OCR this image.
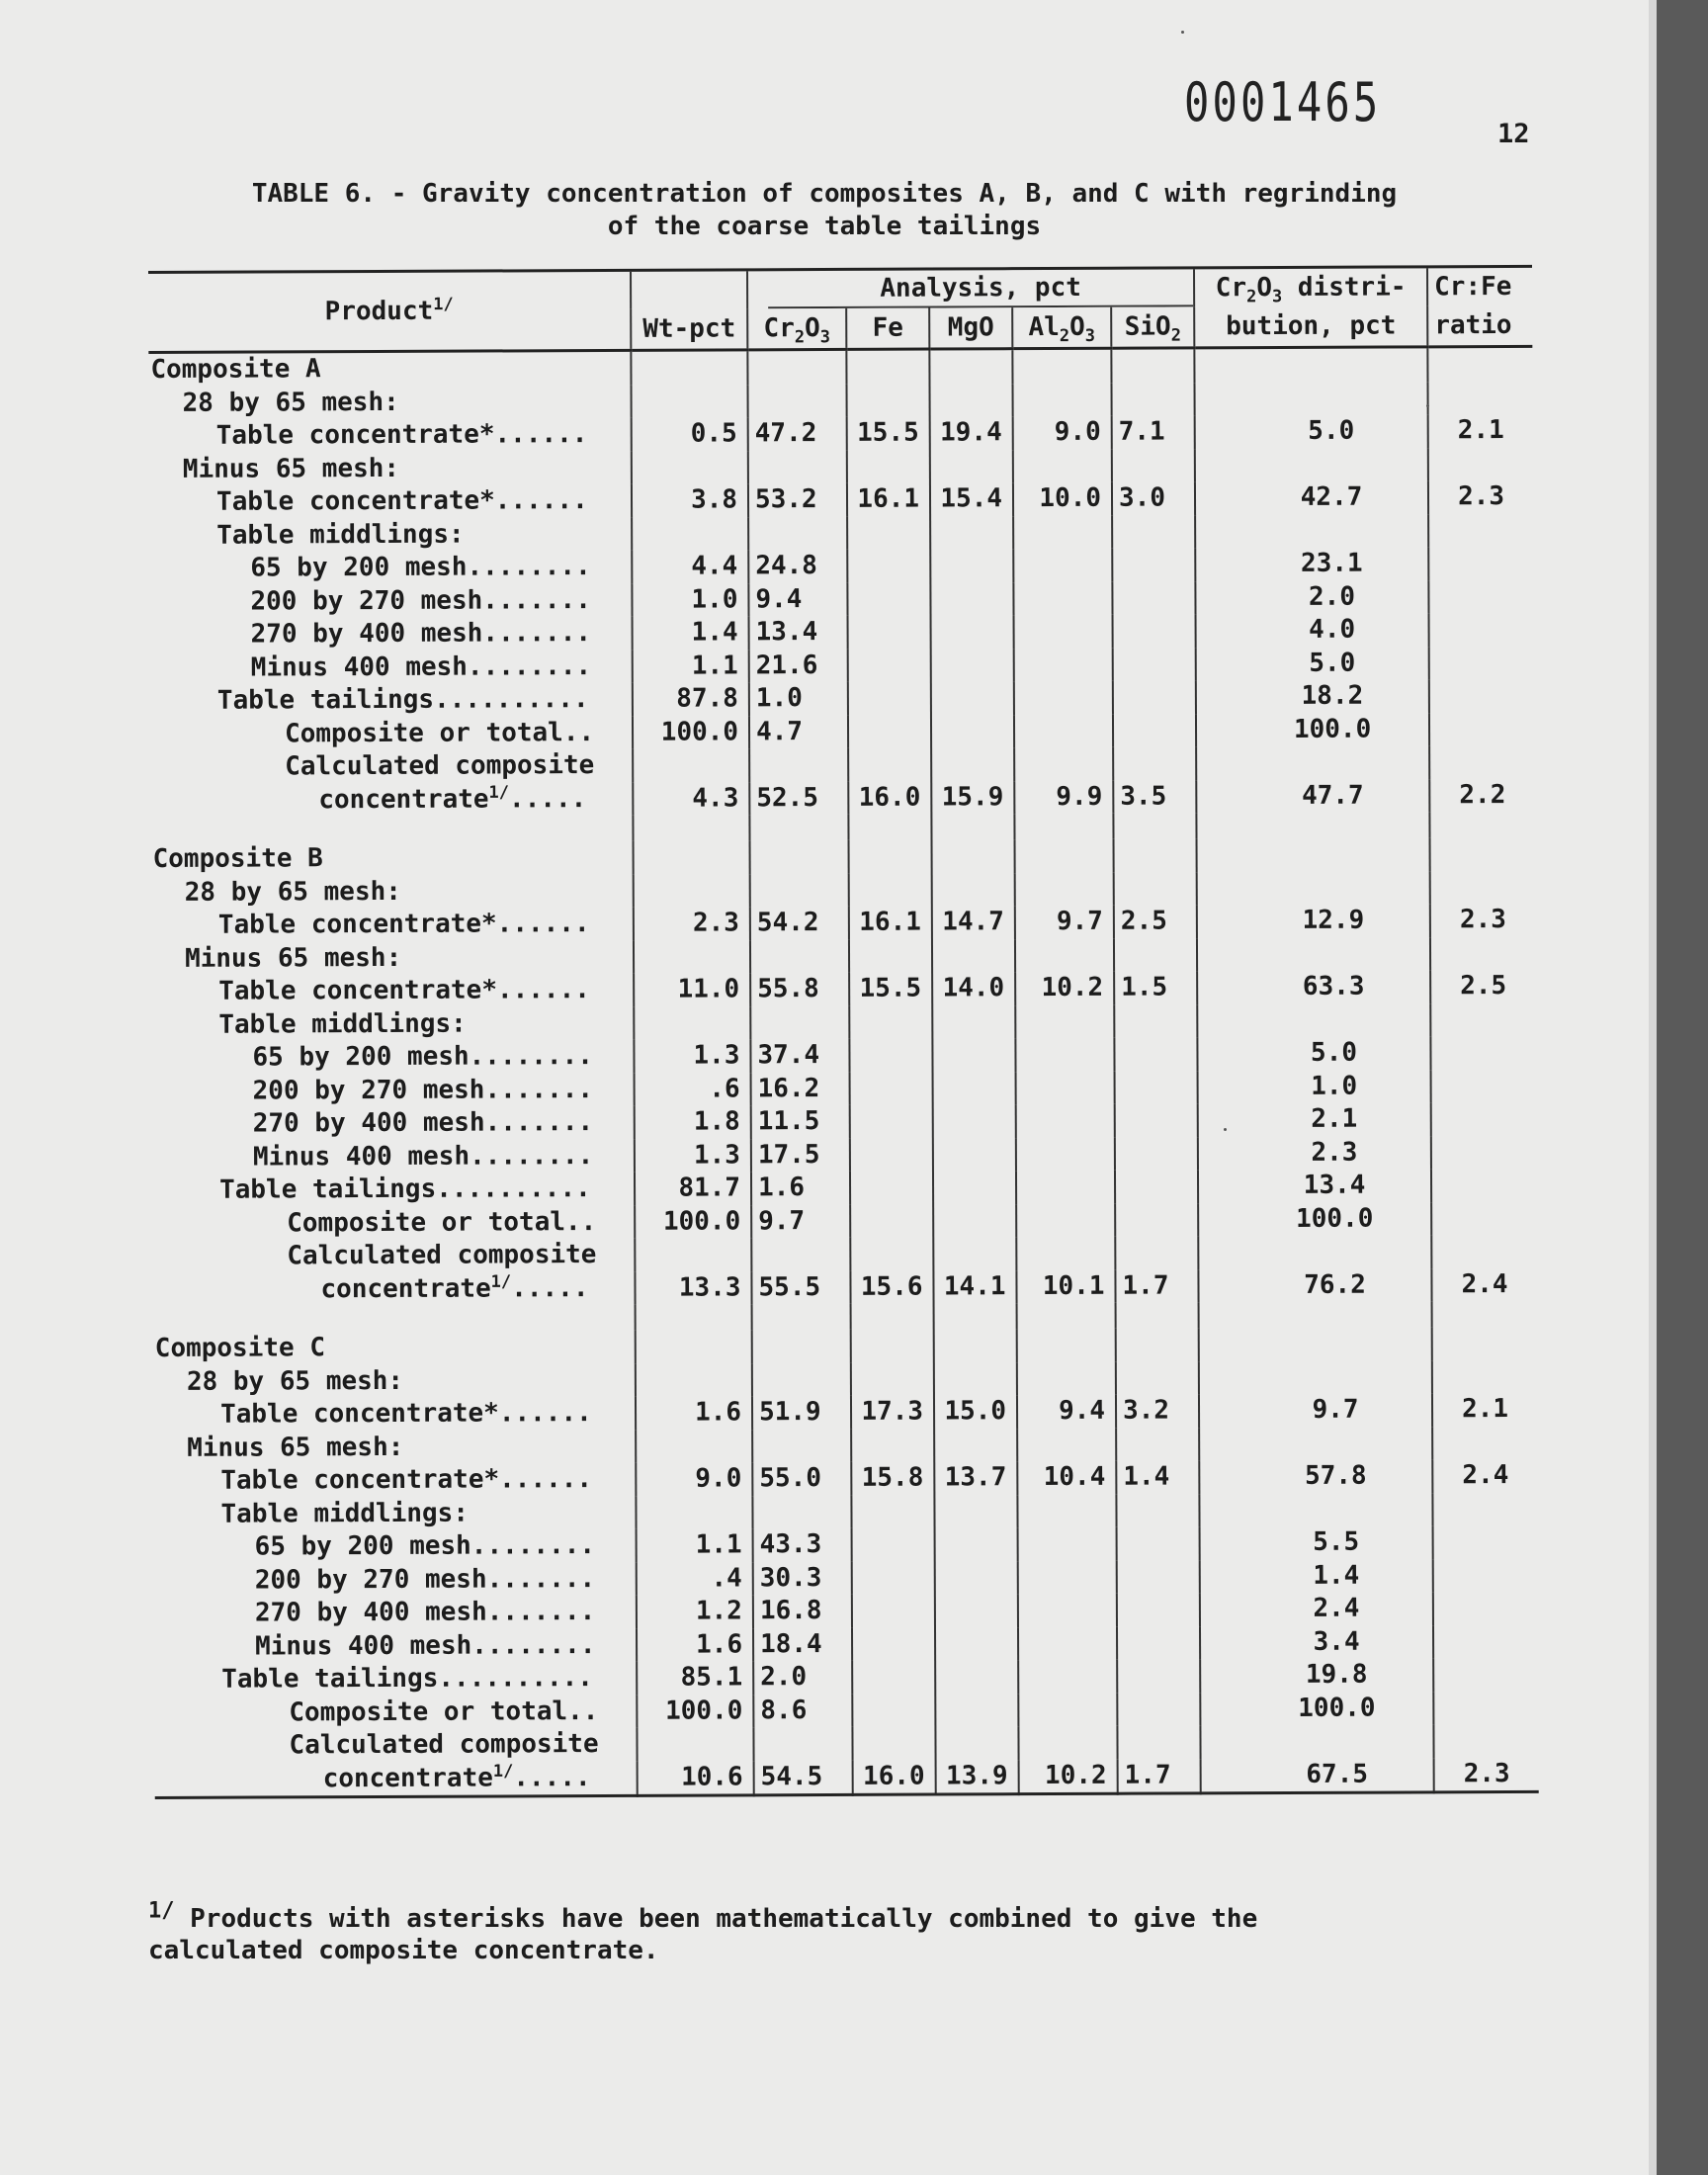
0001465
12
TABLE 6. - Gravity concentration of composites A, B, and C with regrinding
of the coarse table tailings
Product$^{1/}$		Analysis, pct					$Cr_2O_3$ distri-	Cr:Fe
	Wt-pct	$Cr_2O_3$	Fe	MgO	$Al_2O_3$	SiO$_2$	bution, pct	ratio
Composite A								
28 by 65 mesh:								
Table concentrate*......	0.5	47.2	15.5	19.4	9.0	7.1	5.0	2.1
Minus 65 mesh:								
Table concentrate*......	3.8	53.2	16.1	15.4	10.0	3.0	42.7	2.3
Table middlings:								
65 by 200 mesh........	4.4	24.8					23.1	
200 by 270 mesh.......	1.0	9.4					2.0	
270 by 400 mesh.......	1.4	13.4					4.0	
Minus 400 mesh........	1.1	21.6					5.0	
Table tailings..........	87.8	1.0					18.2	
Composite or total..	100.0	4.7					100.0	
Calculated composite								
concentrate$^{1/}$.....	4.3	52.5	16.0	15.9	9.9	3.5	47.7	2.2

Composite B								
28 by 65 mesh:								
Table concentrate*......	2.3	54.2	16.1	14.7	9.7	2.5	12.9	2.3
Minus 65 mesh:								
Table concentrate*......	11.0	55.8	15.5	14.0	10.2	1.5	63.3	2.5
Table middlings:								
65 by 200 mesh........	1.3	37.4					5.0	
200 by 270 mesh.......	.6	16.2					1.0	
270 by 400 mesh.......	1.8	11.5					2.1	
Minus 400 mesh........	1.3	17.5					2.3	
Table tailings..........	81.7	1.6					13.4	
Composite or total..	100.0	9.7					100.0	
Calculated composite								
concentrate$^{1/}$.....	13.3	55.5	15.6	14.1	10.1	1.7	76.2	2.4

Composite C								
28 by 65 mesh:								
Table concentrate*......	1.6	51.9	17.3	15.0	9.4	3.2	9.7	2.1
Minus 65 mesh:								
Table concentrate*......	9.0	55.0	15.8	13.7	10.4	1.4	57.8	2.4
Table middlings:								
65 by 200 mesh........	1.1	43.3					5.5	
200 by 270 mesh.......	.4	30.3					1.4	
270 by 400 mesh.......	1.2	16.8					2.4	
Minus 400 mesh........	1.6	18.4					3.4	
Table tailings..........	85.1	2.0					19.8	
Composite or total..	100.0	8.6					100.0	
Calculated composite								
concentrate$^{1/}$.....	10.6	54.5	16.0	13.9	10.2	1.7	67.5	2.3

$^{1/}$ Products with asterisks have been mathematically combined to give the
calculated composite concentrate.
